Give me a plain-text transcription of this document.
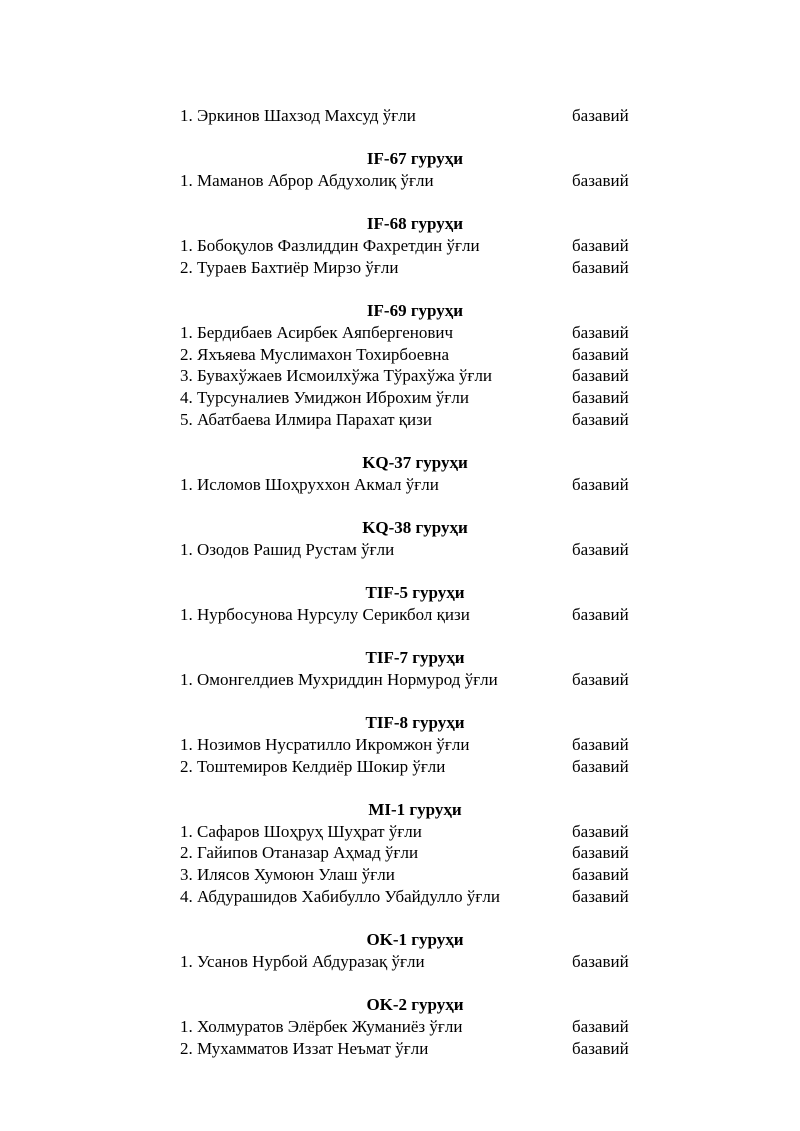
1. Эркинов Шахзод Махсуд ўғли	базавий
IF-67 гуруҳи
1. Маманов Аброр Абдухолиқ ўғли	базавий
IF-68 гуруҳи
1. Бобоқулов Фазлиддин Фахретдин ўғли	базавий
2. Тураев Бахтиёр Мирзо ўғли	базавий
IF-69 гуруҳи
1. Бердибаев Асирбек Аяпбергенович	базавий
2. Яхъяева Муслимахон Тохирбоевна	базавий
3. Бувахўжаев Исмоилхўжа Тўрахўжа ўғли	базавий
4. Турсуналиев Умиджон Иброхим ўғли	базавий
5. Абатбаева Илмира Парахат қизи	базавий
KQ-37 гуруҳи
1. Исломов Шоҳруххон Акмал ўғли	базавий
KQ-38 гуруҳи
1. Озодов Рашид Рустам ўғли	базавий
TIF-5 гуруҳи
1. Нурбосунова Нурсулу Серикбол қизи	базавий
TIF-7 гуруҳи
1. Омонгелдиев Мухриддин Нормурод ўғли	базавий
TIF-8 гуруҳи
1. Нозимов Нусратилло Икромжон ўғли	базавий
2. Тоштемиров Келдиёр Шокир ўғли	базавий
MI-1 гуруҳи
1. Сафаров Шоҳруҳ Шуҳрат ўғли	базавий
2. Гайипов Отаназар Аҳмад ўғли	базавий
3. Илясов Хумоюн Улаш ўғли	базавий
4. Абдурашидов Хабибулло Убайдулло ўғли	базавий
OK-1 гуруҳи
1. Усанов Нурбой Абдуразақ ўғли	базавий
OK-2 гуруҳи
1. Холмуратов Элёрбек Жуманиёз ўғли	базавий
2. Мухамматов Иззат Неъмат ўғли	базавий
